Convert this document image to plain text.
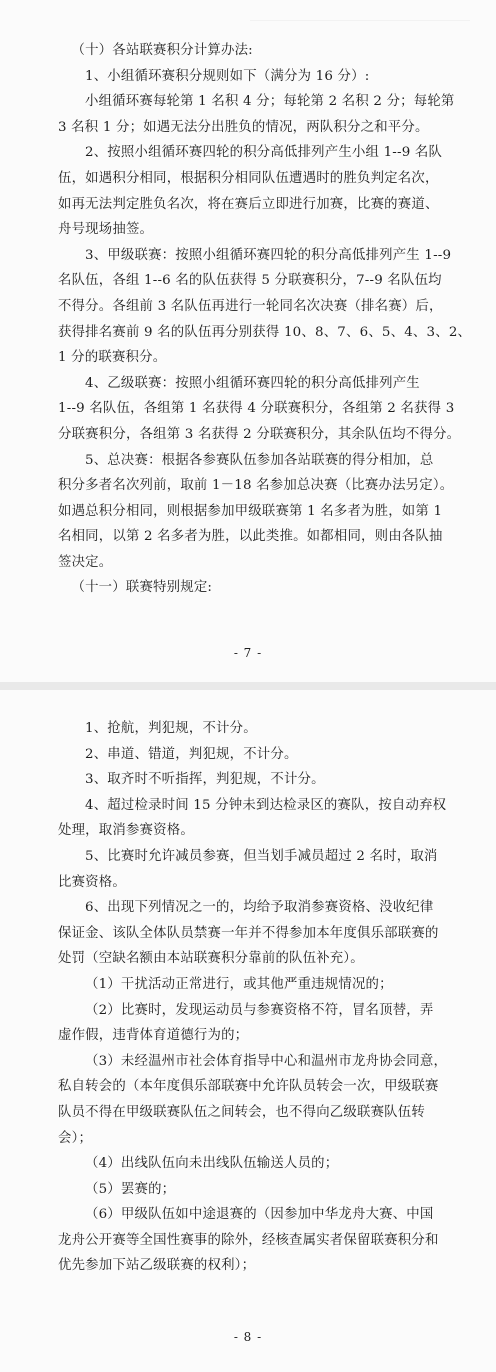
（十）各站联赛积分计算办法:
1、小组循环赛积分规则如下（满分为 16 分）:
小组循环赛每轮第 1 名积 4 分；每轮第 2 名积 2 分；每轮第
3 名积 1 分；如遇无法分出胜负的情况，两队积分之和平分。
2、按照小组循环赛四轮的积分高低排列产生小组 1--9 名队
伍，如遇积分相同，根据积分相同队伍遭遇时的胜负判定名次，
如再无法判定胜负名次，将在赛后立即进行加赛，比赛的赛道、
舟号现场抽签。
3、甲级联赛：按照小组循环赛四轮的积分高低排列产生 1--9
名队伍，各组 1--6 名的队伍获得 5 分联赛积分，7--9 名队伍均
不得分。各组前 3 名队伍再进行一轮同名次决赛（排名赛）后，
获得排名赛前 9 名的队伍再分别获得 10、8、7、6、5、4、3、2、
1 分的联赛积分。
4、乙级联赛：按照小组循环赛四轮的积分高低排列产生
1--9 名队伍，各组第 1 名获得 4 分联赛积分，各组第 2 名获得 3
分联赛积分，各组第 3 名获得 2 分联赛积分，其余队伍均不得分。
5、总决赛：根据各参赛队伍参加各站联赛的得分相加，总
积分多者名次列前，取前 1－18 名参加总决赛（比赛办法另定）。
如遇总积分相同，则根据参加甲级联赛第 1 名多者为胜，如第 1
名相同，以第 2 名多者为胜，以此类推。如都相同，则由各队抽
签决定。
（十一）联赛特别规定:
- 7 -
1、抢航，判犯规，不计分。
2、串道、错道，判犯规，不计分。
3、取齐时不听指挥，判犯规，不计分。
4、超过检录时间 15 分钟未到达检录区的赛队，按自动弃权
处理，取消参赛资格。
5、比赛时允许减员参赛，但当划手减员超过 2 名时，取消
比赛资格。
6、出现下列情况之一的，均给予取消参赛资格、没收纪律
保证金、该队全体队员禁赛一年并不得参加本年度俱乐部联赛的
处罚（空缺名额由本站联赛积分靠前的队伍补充）。
（1）干扰活动正常进行，或其他严重违规情况的；
（2）比赛时，发现运动员与参赛资格不符，冒名顶替，弄
虚作假，违背体育道德行为的；
（3）未经温州市社会体育指导中心和温州市龙舟协会同意，
私自转会的（本年度俱乐部联赛中允许队员转会一次，甲级联赛
队员不得在甲级联赛队伍之间转会，也不得向乙级联赛队伍转
会）；
（4）出线队伍向未出线队伍输送人员的；
（5）罢赛的；
（6）甲级队伍如中途退赛的（因参加中华龙舟大赛、中国
龙舟公开赛等全国性赛事的除外，经核查属实者保留联赛积分和
优先参加下站乙级联赛的权利）；
- 8 -
